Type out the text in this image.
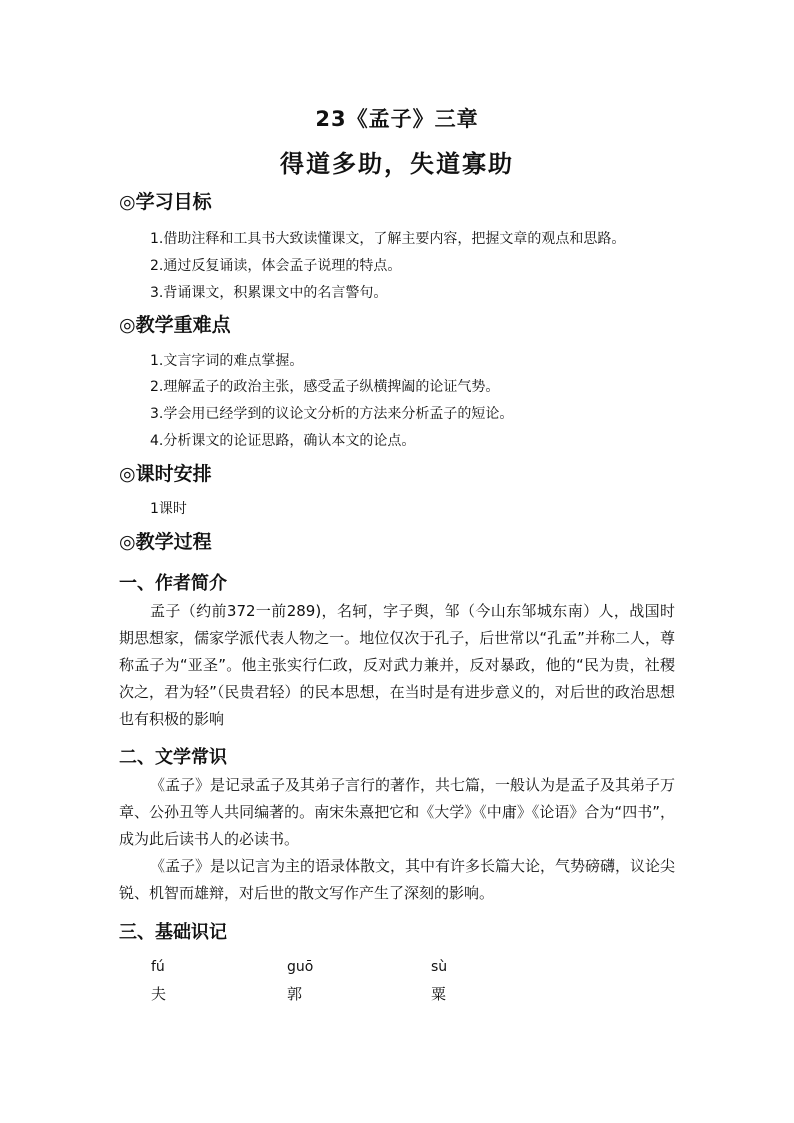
23《孟子》三章
得道多助，失道寡助
◎学习目标
1.借助注释和工具书大致读懂课文，了解主要内容，把握文章的观点和思路。
2.通过反复诵读，体会孟子说理的特点。
3.背诵课文，积累课文中的名言警句。
◎教学重难点
1.文言字词的难点掌握。
2.理解孟子的政治主张，感受孟子纵横捭阖的论证气势。
3.学会用已经学到的议论文分析的方法来分析孟子的短论。
4.分析课文的论证思路，确认本文的论点。
◎课时安排
1课时
◎教学过程
一、作者简介
孟子（约前372一前289)，名轲，字子舆，邹（今山东邹城东南）人，战国时期思想家，儒家学派代表人物之一。地位仅次于孔子，后世常以“孔孟”并称二人，尊称孟子为“亚圣”。他主张实行仁政，反对武力兼并，反对暴政，他的“民为贵，社稷次之，君为轻”（民贵君轻）的民本思想，在当时是有进步意义的，对后世的政治思想也有积极的影响
二、文学常识
《孟子》是记录孟子及其弟子言行的著作，共七篇，一般认为是孟子及其弟子万章、公孙丑等人共同编著的。南宋朱熹把它和《大学》《中庸》《论语》合为“四书”，成为此后读书人的必读书。
《孟子》是以记言为主的语录体散文，其中有许多长篇大论，气势磅礴，议论尖锐、机智而雄辩，对后世的散文写作产生了深刻的影响。
三、基础识记
fú
夫
guō
郭
sù
粟
